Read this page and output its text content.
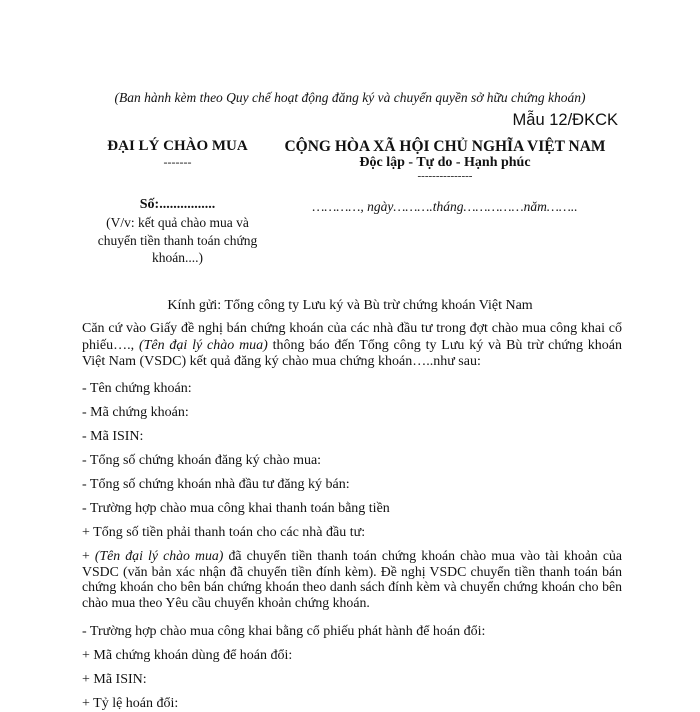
(Ban hành kèm theo Quy chế hoạt động đăng ký và chuyển quyền sở hữu chứng khoán)
Mẫu 12/ĐKCK
ĐẠI LÝ CHÀO MUA
-------
CỘNG HÒA XÃ HỘI CHỦ NGHĨA VIỆT NAM
Độc lập - Tự do - Hạnh phúc
---------------
Số:................
(V/v: kết quả chào mua và chuyển tiền thanh toán chứng khoán....)
…………, ngày……….tháng……………năm……..
Kính gửi: Tổng công ty Lưu ký và Bù trừ chứng khoán Việt Nam
Căn cứ vào Giấy đề nghị bán chứng khoán của các nhà đầu tư trong đợt chào mua công khai cổ phiếu…., (Tên đại lý chào mua) thông báo đến Tổng công ty Lưu ký và Bù trừ chứng khoán Việt Nam (VSDC) kết quả đăng ký chào mua chứng khoán…..như sau:
- Tên chứng khoán:
- Mã chứng khoán:
- Mã ISIN:
- Tổng số chứng khoán đăng ký chào mua:
- Tổng số chứng khoán nhà đầu tư đăng ký bán:
- Trường hợp chào mua công khai thanh toán bằng tiền
+ Tổng số tiền phải thanh toán cho các nhà đầu tư:
+ (Tên đại lý chào mua) đã chuyển tiền thanh toán chứng khoán chào mua vào tài khoản của VSDC (văn bản xác nhận đã chuyển tiền đính kèm). Đề nghị VSDC chuyển tiền thanh toán bán chứng khoán cho bên bán chứng khoán theo danh sách đính kèm và chuyển chứng khoán cho bên chào mua theo Yêu cầu chuyển khoản chứng khoán.
- Trường hợp chào mua công khai bằng cổ phiếu phát hành để hoán đổi:
+ Mã chứng khoán dùng để hoán đổi:
+ Mã ISIN:
+ Tỷ lệ hoán đổi:
